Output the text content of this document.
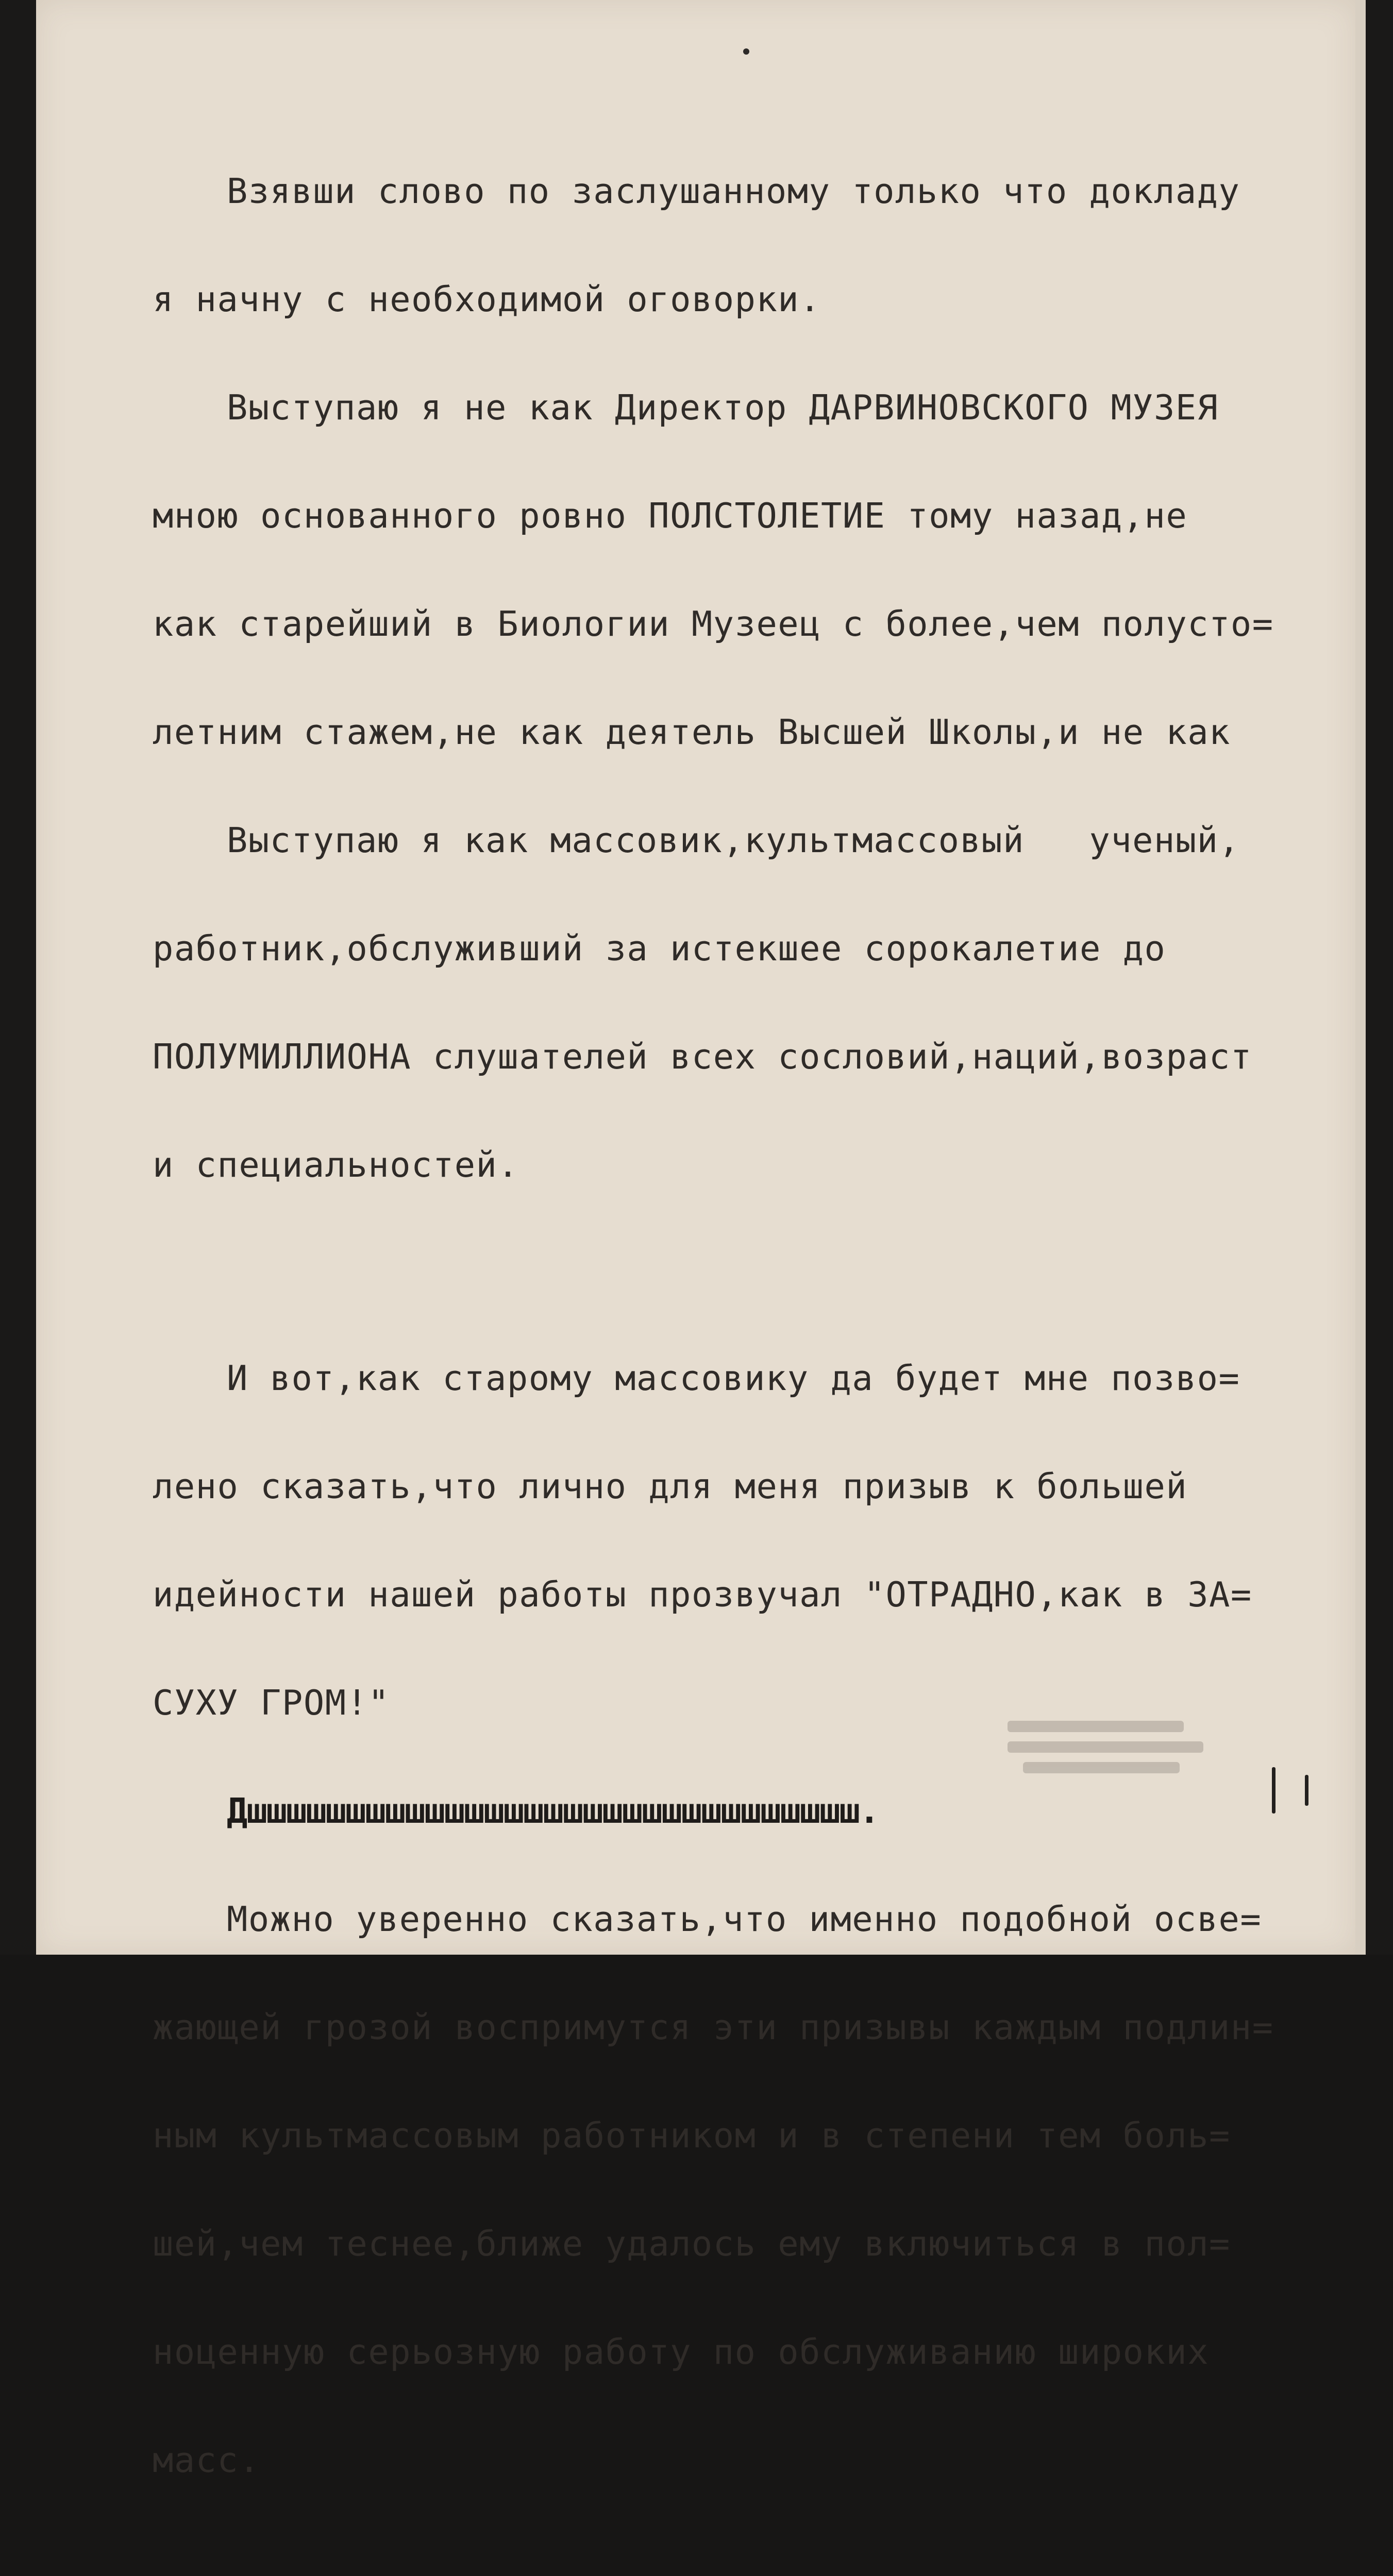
Взявши слово по заслушанному только что докладу

я начну с необходимой оговорки.

Выступаю я не как Директор ДАРВИНОВСКОГО МУЗЕЯ

мною основанного ровно ПОЛСТОЛЕТИЕ тому назад,не

как старейший в Биологии Музеец с более,чем полусто=

летним стажем,не как деятель Высшей Школы,и не как

Выступаю я как массовик,культмассовый   ученый,

работник,обслуживший за истекшее сорокалетие до

ПОЛУМИЛЛИОНА слушателей всех сословий,наций,возраст

и специальностей.

И вот,как старому массовику да будет мне позво=

лено сказать,что лично для меня призыв к большей

идейности нашей работы прозвучал "ОТРАДНО,как в ЗА=

СУХУ ГРОМ!"

Дшшшшшшшшшшшшшшшшшшшшшшшшшшшшшшш.

Можно уверенно сказать,что именно подобной осве=

жающей грозой воспримутся эти призывы каждым подлин=

ным культмассовым работником и в степени тем боль=

шей,чем теснее,ближе удалось ему включиться в пол=

ноценную серьозную работу по обслуживанию широких

масс.
